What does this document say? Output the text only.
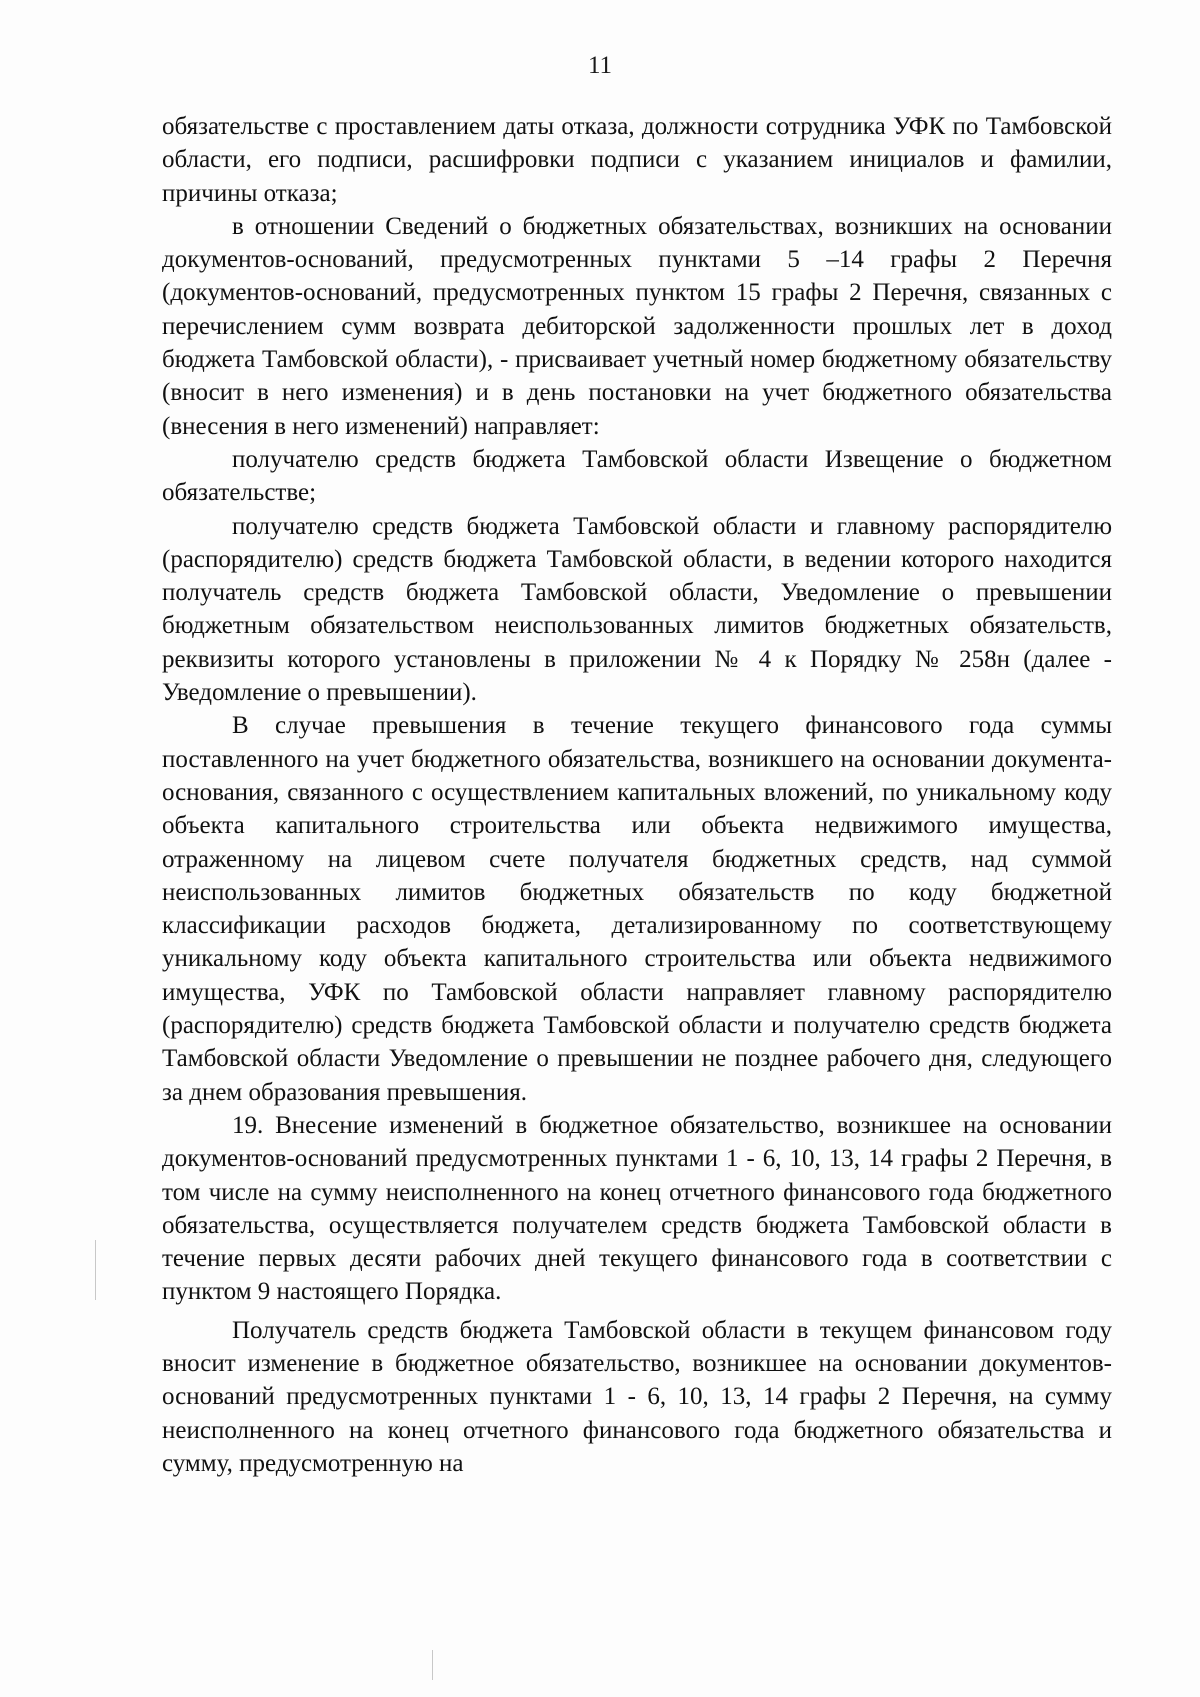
11

обязательстве с проставлением даты отказа, должности сотрудника УФК по Тамбовской области, его подписи, расшифровки подписи с указанием инициалов и фамилии, причины отказа;

в отношении Сведений о бюджетных обязательствах, возникших на основании документов-оснований, предусмотренных пунктами 5 –14 графы 2 Перечня (документов-оснований, предусмотренных пунктом 15 графы 2 Перечня, связанных с перечислением сумм возврата дебиторской задолженности прошлых лет в доход бюджета Тамбовской области), - присваивает учетный номер бюджетному обязательству (вносит в него изменения) и в день постановки на учет бюджетного обязательства (внесения в него изменений) направляет:

получателю средств бюджета Тамбовской области Извещение о бюджетном обязательстве;

получателю средств бюджета Тамбовской области и главному распорядителю (распорядителю) средств бюджета Тамбовской области, в ведении которого находится получатель средств бюджета Тамбовской области, Уведомление о превышении бюджетным обязательством неиспользованных лимитов бюджетных обязательств, реквизиты которого установлены в приложении № 4 к Порядку № 258н (далее - Уведомление о превышении).

В случае превышения в течение текущего финансового года суммы поставленного на учет бюджетного обязательства, возникшего на основании документа-основания, связанного с осуществлением капитальных вложений, по уникальному коду объекта капитального строительства или объекта недвижимого имущества, отраженному на лицевом счете получателя бюджетных средств, над суммой неиспользованных лимитов бюджетных обязательств по коду бюджетной классификации расходов бюджета, детализированному по соответствующему уникальному коду объекта капитального строительства или объекта недвижимого имущества, УФК по Тамбовской области направляет главному распорядителю (распорядителю) средств бюджета Тамбовской области и получателю средств бюджета Тамбовской области Уведомление о превышении не позднее рабочего дня, следующего за днем образования превышения.

19. Внесение изменений в бюджетное обязательство, возникшее на основании документов-оснований предусмотренных пунктами 1 - 6, 10, 13, 14 графы 2 Перечня, в том числе на сумму неисполненного на конец отчетного финансового года бюджетного обязательства, осуществляется получателем средств бюджета Тамбовской области в течение первых десяти рабочих дней текущего финансового года в соответствии с пунктом 9 настоящего Порядка.

Получатель средств бюджета Тамбовской области в текущем финансовом году вносит изменение в бюджетное обязательство, возникшее на основании документов-оснований предусмотренных пунктами 1 - 6, 10, 13, 14 графы 2 Перечня, на сумму неисполненного на конец отчетного финансового года бюджетного обязательства и сумму, предусмотренную на
